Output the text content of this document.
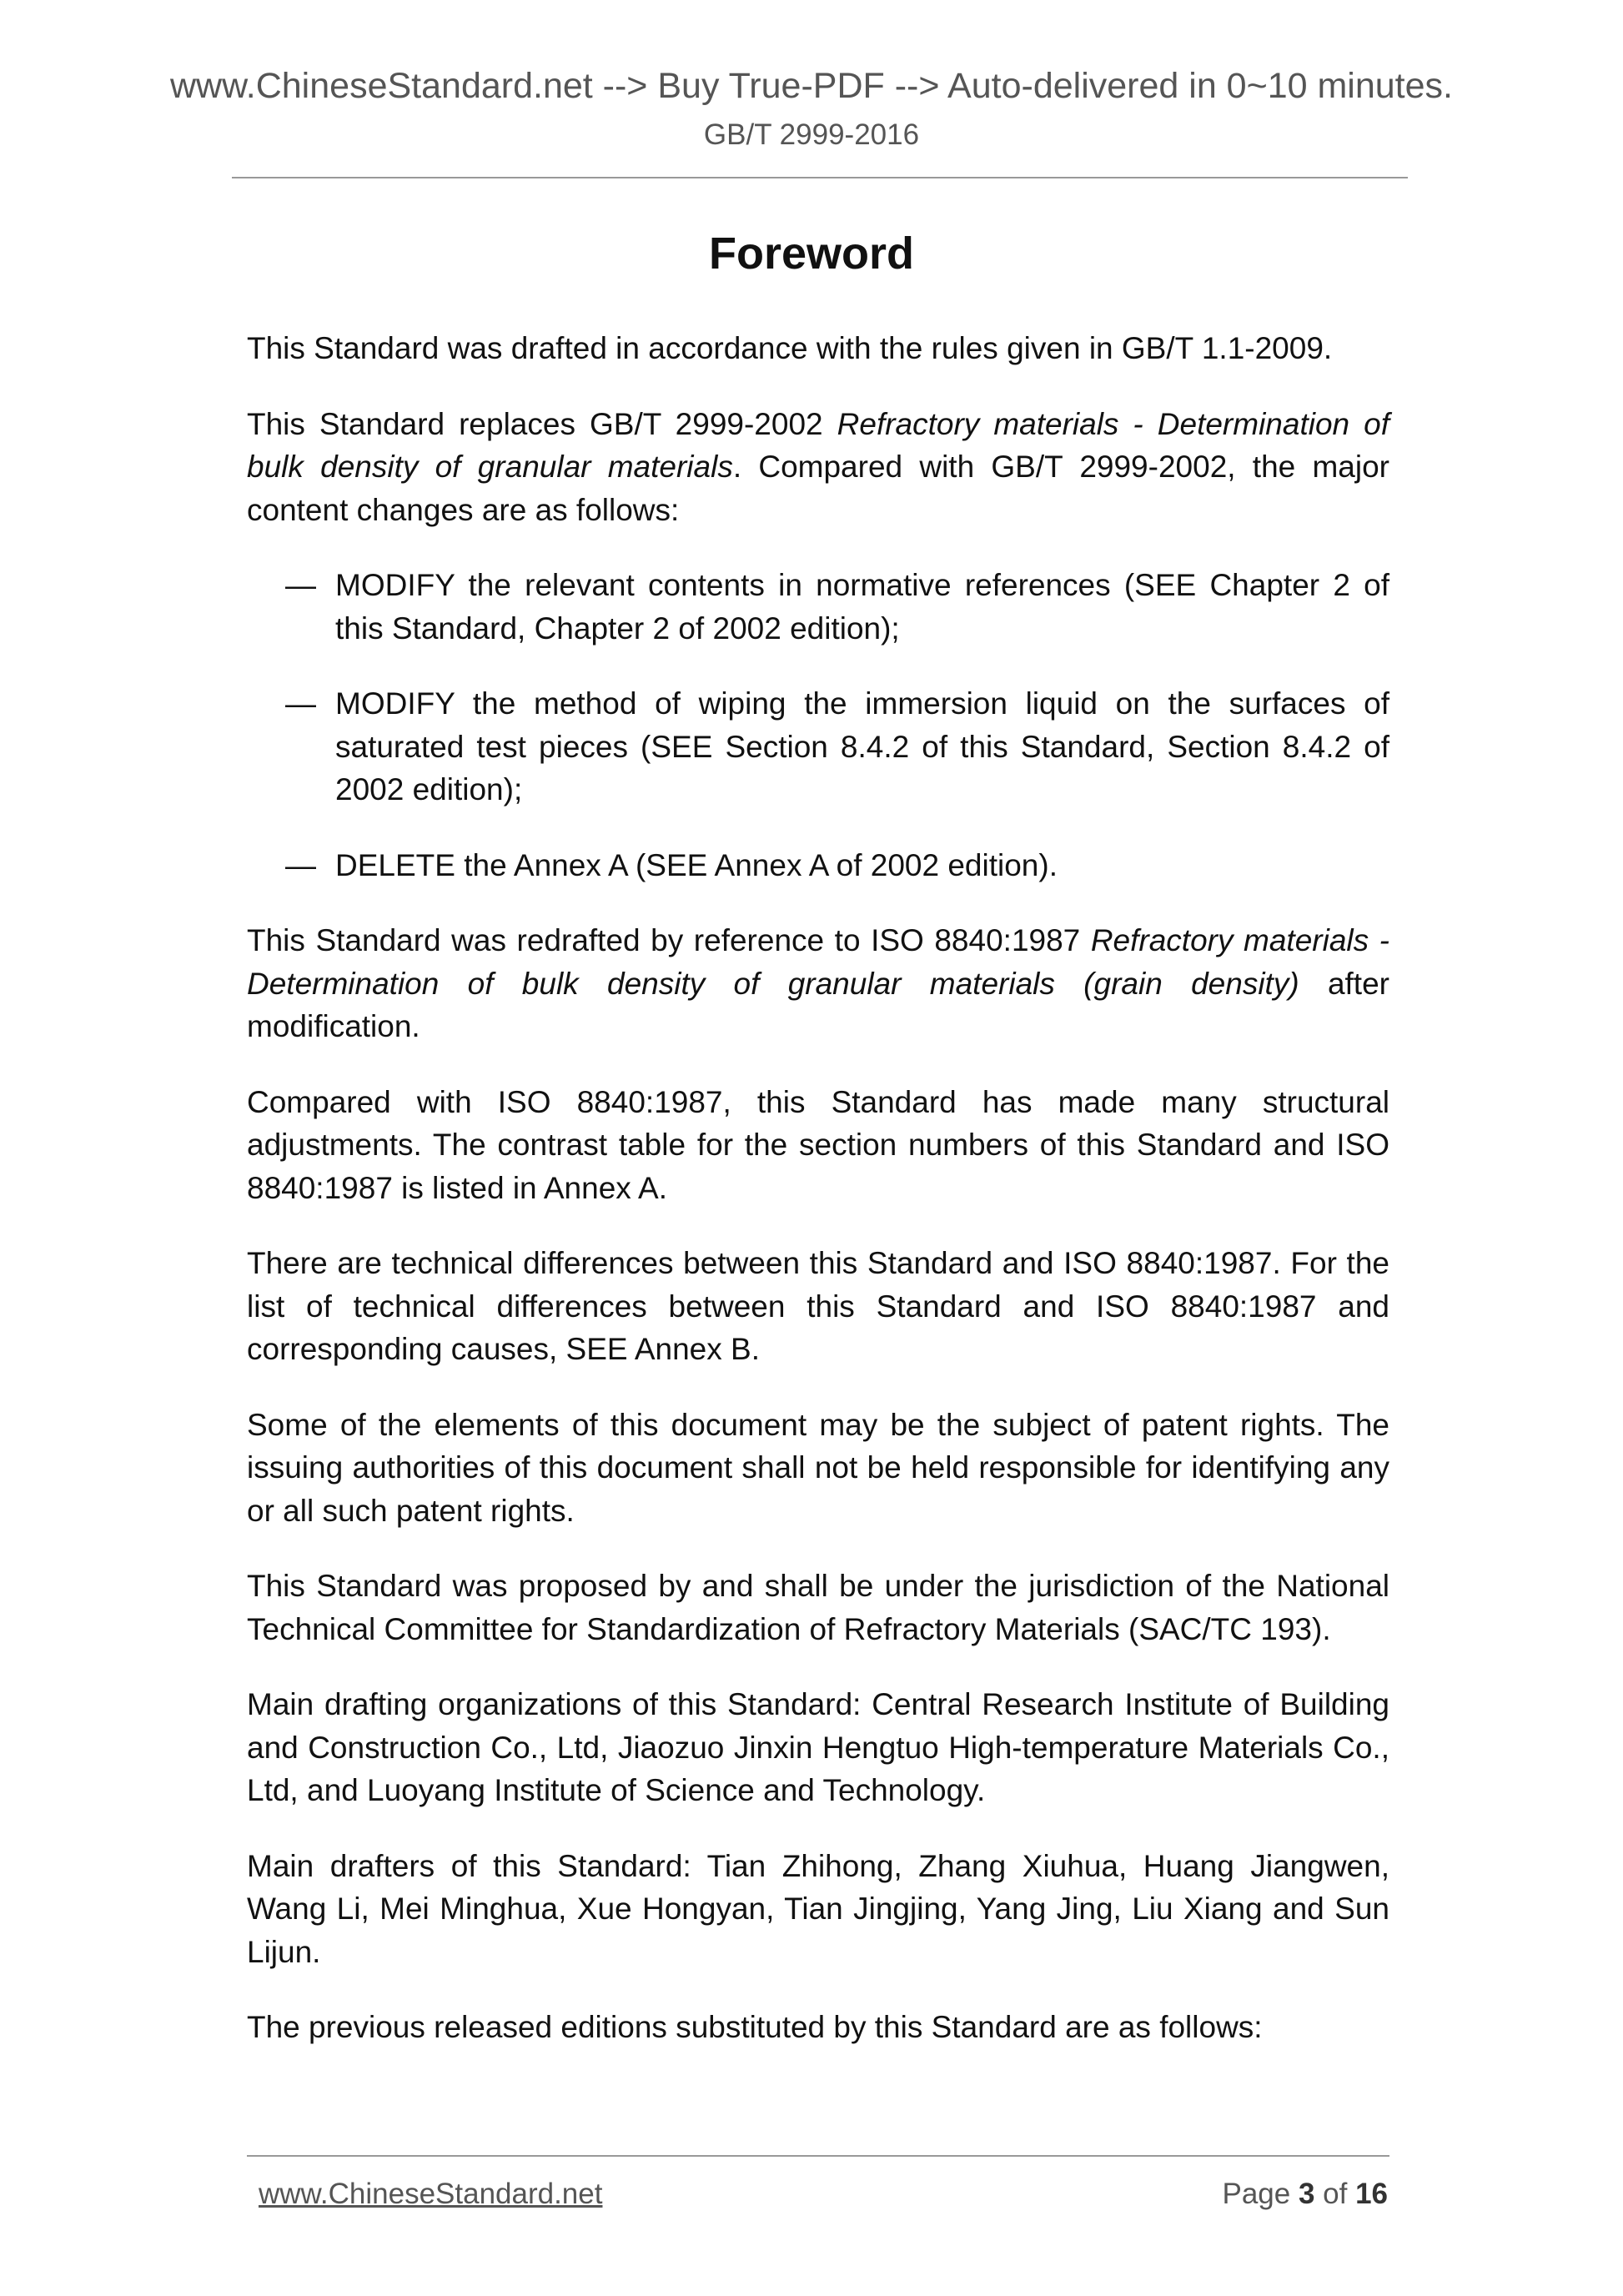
www.ChineseStandard.net --> Buy True-PDF --> Auto-delivered in 0~10 minutes.
GB/T 2999-2016
Foreword

This Standard was drafted in accordance with the rules given in GB/T 1.1-2009.

This Standard replaces GB/T 2999-2002 Refractory materials - Determination of bulk density of granular materials. Compared with GB/T 2999-2002, the major content changes are as follows:

— MODIFY the relevant contents in normative references (SEE Chapter 2 of this Standard, Chapter 2 of 2002 edition);
— MODIFY the method of wiping the immersion liquid on the surfaces of saturated test pieces (SEE Section 8.4.2 of this Standard, Section 8.4.2 of 2002 edition);
— DELETE the Annex A (SEE Annex A of 2002 edition).

This Standard was redrafted by reference to ISO 8840:1987 Refractory materials - Determination of bulk density of granular materials (grain density) after modification.

Compared with ISO 8840:1987, this Standard has made many structural adjustments. The contrast table for the section numbers of this Standard and ISO 8840:1987 is listed in Annex A.

There are technical differences between this Standard and ISO 8840:1987. For the list of technical differences between this Standard and ISO 8840:1987 and corresponding causes, SEE Annex B.

Some of the elements of this document may be the subject of patent rights. The issuing authorities of this document shall not be held responsible for identifying any or all such patent rights.

This Standard was proposed by and shall be under the jurisdiction of the National Technical Committee for Standardization of Refractory Materials (SAC/TC 193).

Main drafting organizations of this Standard: Central Research Institute of Building and Construction Co., Ltd, Jiaozuo Jinxin Hengtuo High-temperature Materials Co., Ltd, and Luoyang Institute of Science and Technology.

Main drafters of this Standard: Tian Zhihong, Zhang Xiuhua, Huang Jiangwen, Wang Li, Mei Minghua, Xue Hongyan, Tian Jingjing, Yang Jing, Liu Xiang and Sun Lijun.

The previous released editions substituted by this Standard are as follows:

www.ChineseStandard.net	Page 3 of 16
